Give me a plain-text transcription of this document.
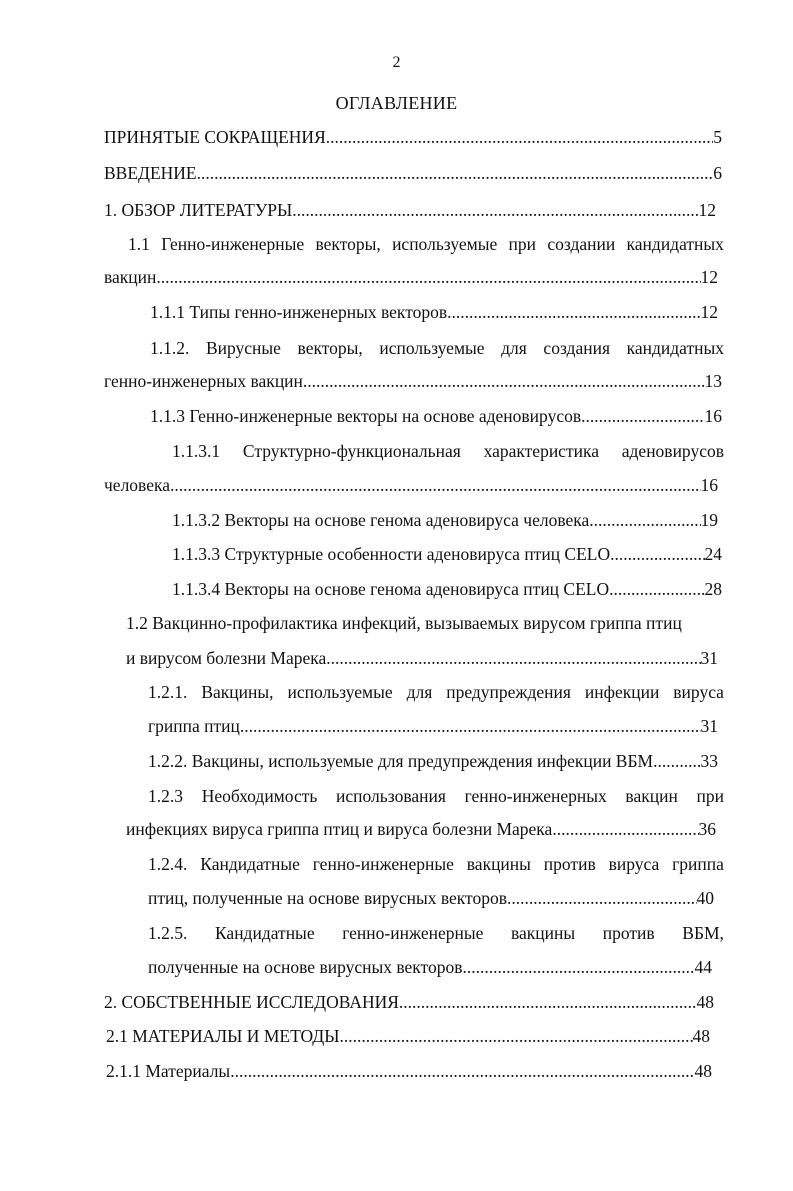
2
ОГЛАВЛЕНИЕ
ПРИНЯТЫЕ СОКРАЩЕНИЯ .....	5
ВВЕДЕНИЕ .....	6
1. ОБЗОР ЛИТЕРАТУРЫ .....	12
1.1 Генно-инженерные векторы, используемые при создании кандидатных
вакцин .....	12
1.1.1 Типы генно-инженерных векторов .....	12
1.1.2. Вирусные векторы, используемые для создания кандидатных
генно-инженерных вакцин .....	13
1.1.3 Генно-инженерные векторы на основе аденовирусов .....	16
1.1.3.1 Структурно-функциональная характеристика аденовирусов
человека .....	16
1.1.3.2 Векторы на основе генома аденовируса человека .....	19
1.1.3.3 Структурные особенности аденовируса птиц CELO .....	24
1.1.3.4 Векторы на основе генома аденовируса птиц CELO .....	28
1.2 Вакцинно-профилактика инфекций, вызываемых вирусом гриппа птиц
и вирусом болезни Марека .....	31
1.2.1. Вакцины, используемые для предупреждения инфекции вируса
гриппа птиц .....	31
1.2.2. Вакцины, используемые для предупреждения инфекции ВБМ .....	33
1.2.3 Необходимость использования генно-инженерных вакцин при
инфекциях вируса гриппа птиц и вируса болезни Марека .....	36
1.2.4. Кандидатные генно-инженерные вакцины против вируса гриппа
птиц, полученные на основе вирусных векторов .....	40
1.2.5. Кандидатные генно-инженерные вакцины против ВБМ,
полученные на основе вирусных векторов .....	44
2. СОБСТВЕННЫЕ ИССЛЕДОВАНИЯ .....	48
2.1 МАТЕРИАЛЫ И МЕТОДЫ .....	48
2.1.1 Материалы .....	48
